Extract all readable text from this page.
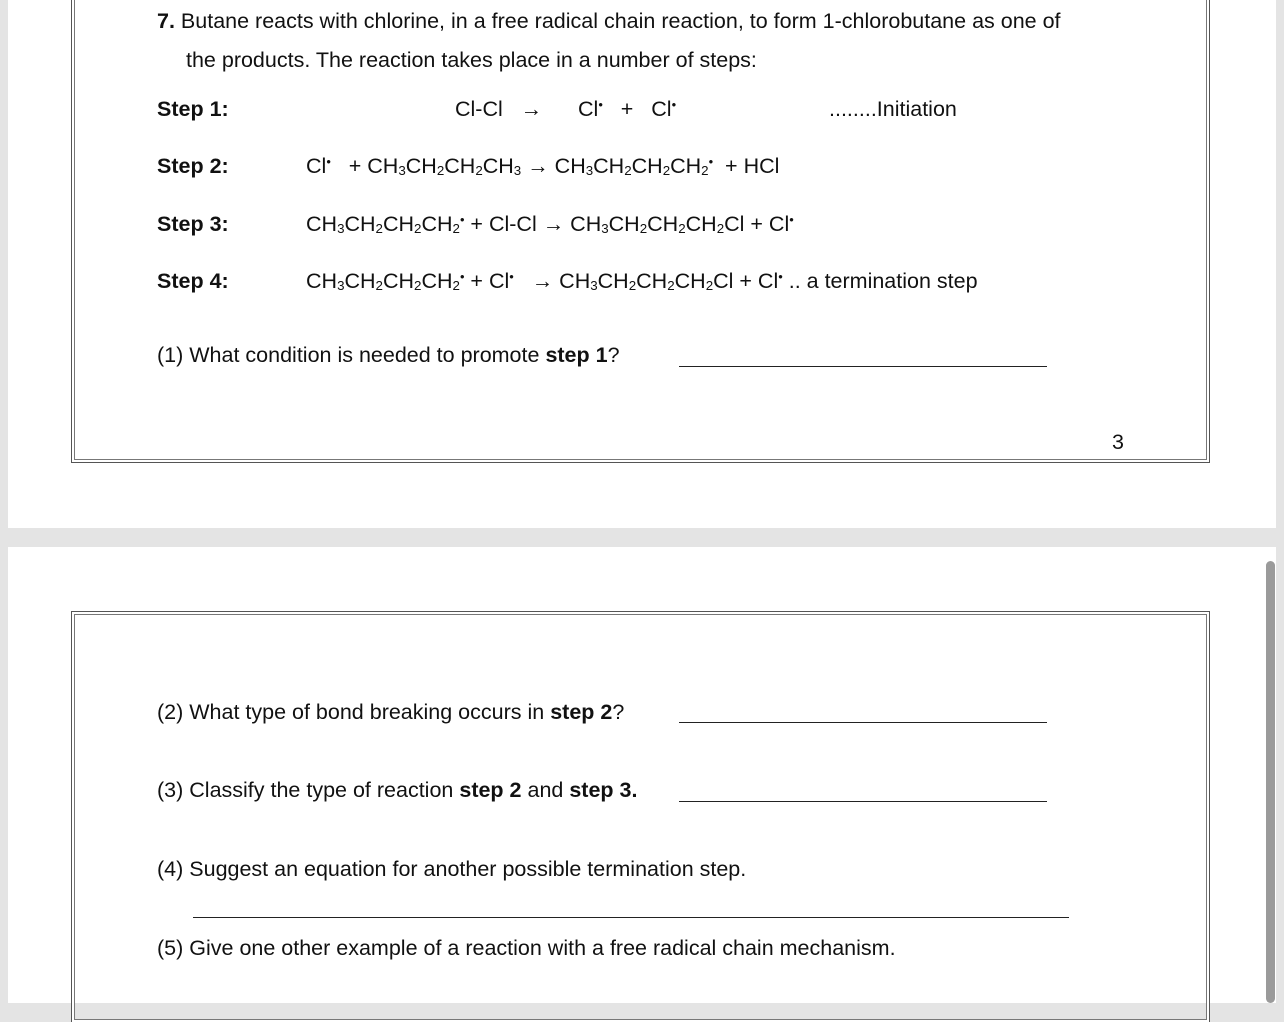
7. Butane reacts with chlorine, in a free radical chain reaction, to form 1-chlorobutane as one of
the products. The reaction takes place in a number of steps:
Step 1:	Cl-Cl   →      Cl•   +   Cl•	........Initiation
Step 2:	$Cl^• + CH_3CH_2CH_2CH_3 \to CH_3CH_2CH_2CH_2^•$  + HCl
Step 3:	$CH_3CH_2CH_2CH_2^• + Cl-Cl \to CH_3CH_2CH_2CH_2Cl + Cl^•$
Step 4:	$CH_3CH_2CH_2CH_2^• + Cl^• \to CH_3CH_2CH_2CH_2Cl + Cl^•$ .. a termination step
(1) What condition is needed to promote step 1?
3
(2) What type of bond breaking occurs in step 2?
(3) Classify the type of reaction step 2 and step 3.
(4) Suggest an equation for another possible termination step.
(5) Give one other example of a reaction with a free radical chain mechanism.
